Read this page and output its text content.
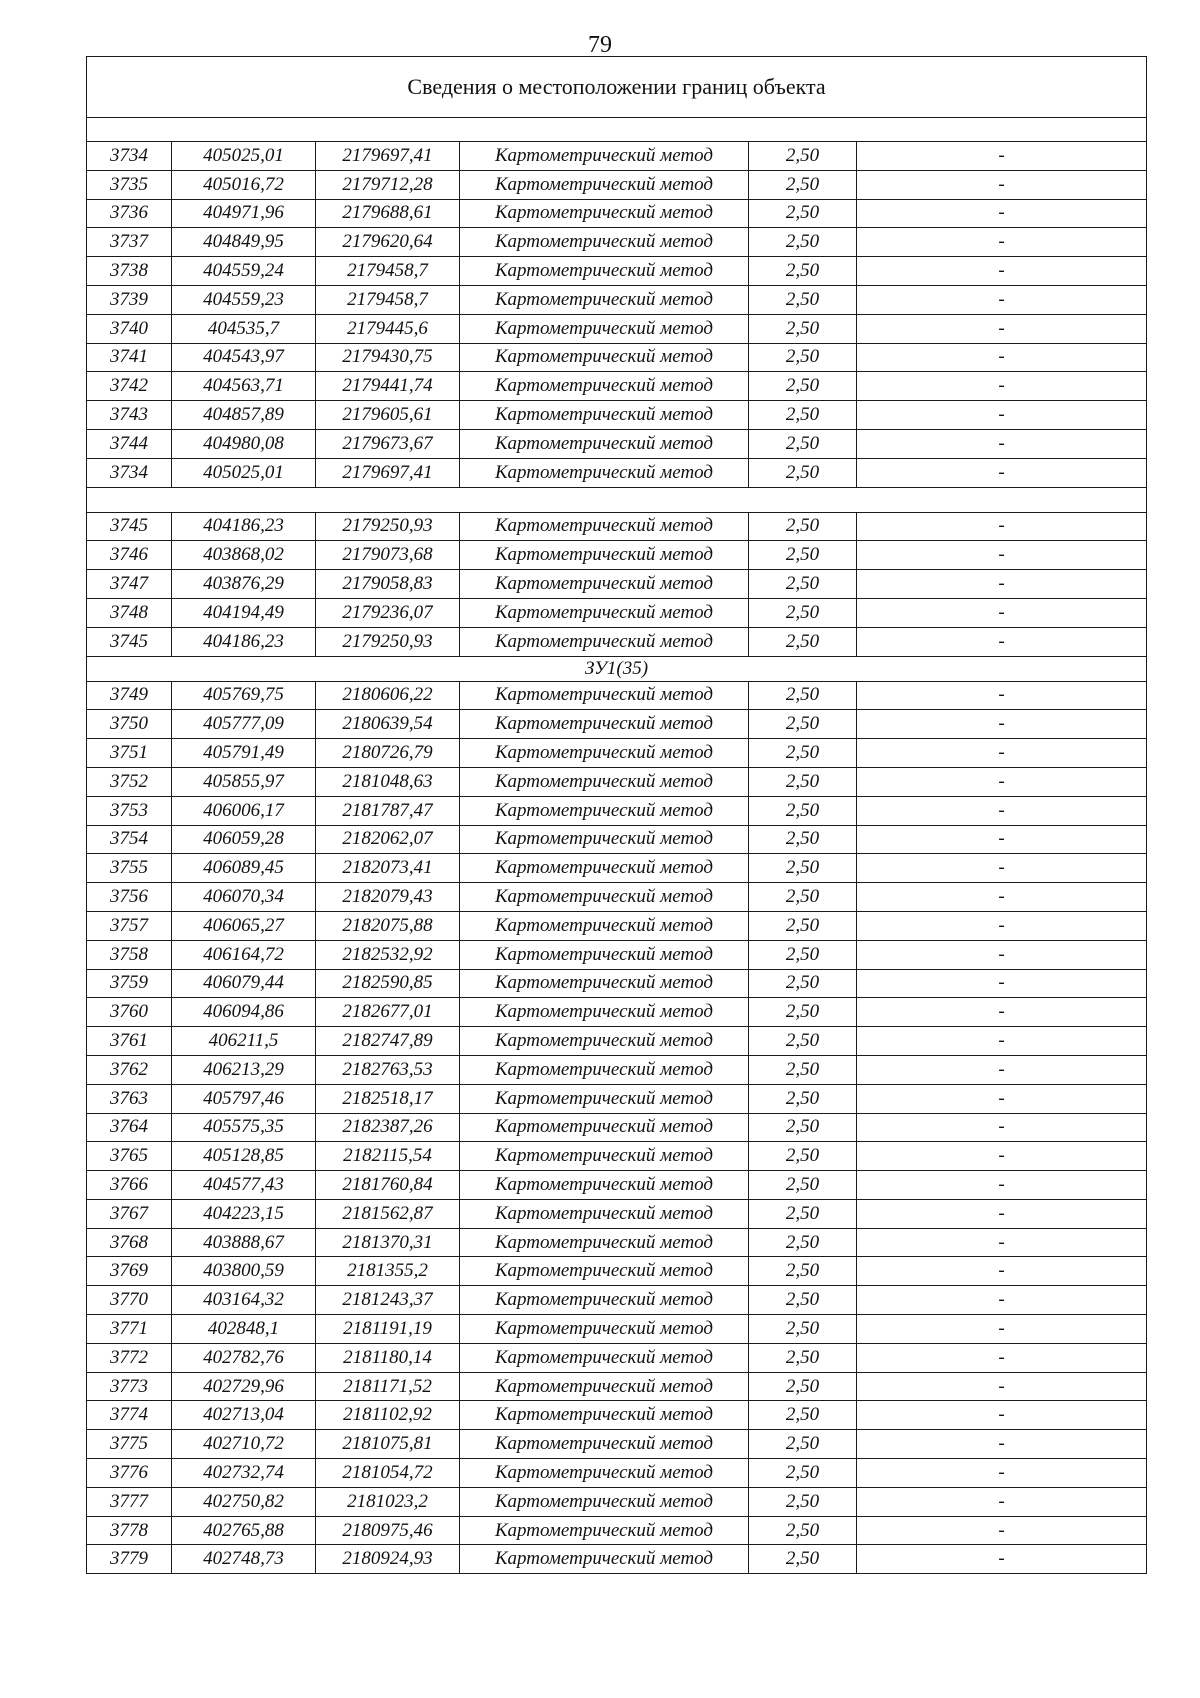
79
Сведения о местоположении границ объекта					

3734	405025,01	2179697,41	Картометрический метод	2,50	-
3735	405016,72	2179712,28	Картометрический метод	2,50	-
3736	404971,96	2179688,61	Картометрический метод	2,50	-
3737	404849,95	2179620,64	Картометрический метод	2,50	-
3738	404559,24	2179458,7	Картометрический метод	2,50	-
3739	404559,23	2179458,7	Картометрический метод	2,50	-
3740	404535,7	2179445,6	Картометрический метод	2,50	-
3741	404543,97	2179430,75	Картометрический метод	2,50	-
3742	404563,71	2179441,74	Картометрический метод	2,50	-
3743	404857,89	2179605,61	Картометрический метод	2,50	-
3744	404980,08	2179673,67	Картометрический метод	2,50	-
3734	405025,01	2179697,41	Картометрический метод	2,50	-

3745	404186,23	2179250,93	Картометрический метод	2,50	-
3746	403868,02	2179073,68	Картометрический метод	2,50	-
3747	403876,29	2179058,83	Картометрический метод	2,50	-
3748	404194,49	2179236,07	Картометрический метод	2,50	-
3745	404186,23	2179250,93	Картометрический метод	2,50	-
ЗУ1(35)					
3749	405769,75	2180606,22	Картометрический метод	2,50	-
3750	405777,09	2180639,54	Картометрический метод	2,50	-
3751	405791,49	2180726,79	Картометрический метод	2,50	-
3752	405855,97	2181048,63	Картометрический метод	2,50	-
3753	406006,17	2181787,47	Картометрический метод	2,50	-
3754	406059,28	2182062,07	Картометрический метод	2,50	-
3755	406089,45	2182073,41	Картометрический метод	2,50	-
3756	406070,34	2182079,43	Картометрический метод	2,50	-
3757	406065,27	2182075,88	Картометрический метод	2,50	-
3758	406164,72	2182532,92	Картометрический метод	2,50	-
3759	406079,44	2182590,85	Картометрический метод	2,50	-
3760	406094,86	2182677,01	Картометрический метод	2,50	-
3761	406211,5	2182747,89	Картометрический метод	2,50	-
3762	406213,29	2182763,53	Картометрический метод	2,50	-
3763	405797,46	2182518,17	Картометрический метод	2,50	-
3764	405575,35	2182387,26	Картометрический метод	2,50	-
3765	405128,85	2182115,54	Картометрический метод	2,50	-
3766	404577,43	2181760,84	Картометрический метод	2,50	-
3767	404223,15	2181562,87	Картометрический метод	2,50	-
3768	403888,67	2181370,31	Картометрический метод	2,50	-
3769	403800,59	2181355,2	Картометрический метод	2,50	-
3770	403164,32	2181243,37	Картометрический метод	2,50	-
3771	402848,1	2181191,19	Картометрический метод	2,50	-
3772	402782,76	2181180,14	Картометрический метод	2,50	-
3773	402729,96	2181171,52	Картометрический метод	2,50	-
3774	402713,04	2181102,92	Картометрический метод	2,50	-
3775	402710,72	2181075,81	Картометрический метод	2,50	-
3776	402732,74	2181054,72	Картометрический метод	2,50	-
3777	402750,82	2181023,2	Картометрический метод	2,50	-
3778	402765,88	2180975,46	Картометрический метод	2,50	-
3779	402748,73	2180924,93	Картометрический метод	2,50	-
